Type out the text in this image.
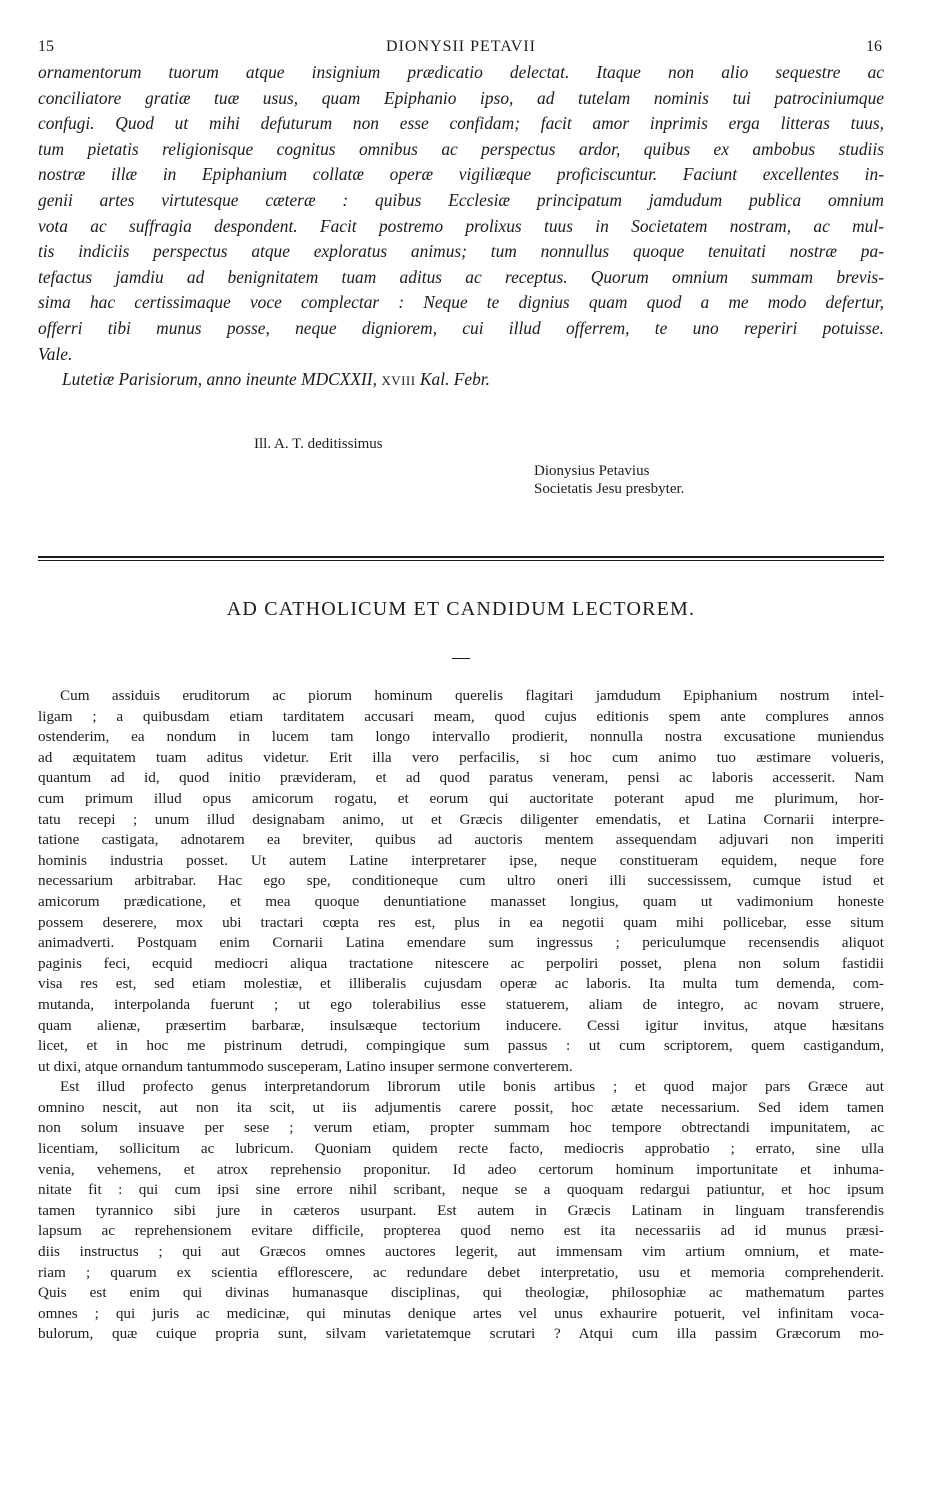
15	DIONYSII PETAVII	16
ornamentorum tuorum atque insignium prædicatio delectat. Itaque non alio sequestre ac
conciliatore gratiæ tuæ usus, quam Epiphanio ipso, ad tutelam nominis tui patrociniumque
confugi. Quod ut mihi defuturum non esse confidam; facit amor inprimis erga litteras tuus,
tum pietatis religionisque cognitus omnibus ac perspectus ardor, quibus ex ambobus studiis
nostræ illæ in Epiphanium collatæ operæ vigiliæque proficiscuntur. Faciunt excellentes in-
genii artes virtutesque cæteræ : quibus Ecclesiæ principatum jamdudum publica omnium
vota ac suffragia despondent. Facit postremo prolixus tuus in Societatem nostram, ac mul-
tis indiciis perspectus atque exploratus animus; tum nonnullus quoque tenuitati nostræ pa-
tefactus jamdiu ad benignitatem tuam aditus ac receptus. Quorum omnium summam brevis-
sima hac certissimaque voce complectar : Neque te dignius quam quod a me modo defertur,
offerri tibi munus posse, neque digniorem, cui illud offerrem, te uno reperiri potuisse.
Vale.
Lutetiæ Parisiorum, anno ineunte MDCXXII, XVIII Kal. Febr.
Ill. A. T. deditissimus
Dionysius Petavius
Societatis Jesu presbyter.
AD CATHOLICUM ET CANDIDUM LECTOREM.
Cum assiduis eruditorum ac piorum hominum querelis flagitari jamdudum Epiphanium nostrum intel-
ligam ; a quibusdam etiam tarditatem accusari meam, quod cujus editionis spem ante complures annos
ostenderim, ea nondum in lucem tam longo intervallo prodierit, nonnulla nostra excusatione muniendus
ad æquitatem tuam aditus videtur. Erit illa vero perfacilis, si hoc cum animo tuo æstimare volueris,
quantum ad id, quod initio prævideram, et ad quod paratus veneram, pensi ac laboris accesserit. Nam
cum primum illud opus amicorum rogatu, et eorum qui auctoritate poterant apud me plurimum, hor-
tatu recepi ; unum illud designabam animo, ut et Græcis diligenter emendatis, et Latina Cornarii interpre-
tatione castigata, adnotarem ea breviter, quibus ad auctoris mentem assequendam adjuvari non imperiti
hominis industria posset. Ut autem Latine interpretarer ipse, neque constitueram equidem, neque fore
necessarium arbitrabar. Hac ego spe, conditioneque cum ultro oneri illi successissem, cumque istud et
amicorum prædicatione, et mea quoque denuntiatione manasset longius, quam ut vadimonium honeste
possem deserere, mox ubi tractari cœpta res est, plus in ea negotii quam mihi pollicebar, esse situm
animadverti. Postquam enim Cornarii Latina emendare sum ingressus ; periculumque recensendis aliquot
paginis feci, ecquid mediocri aliqua tractatione nitescere ac perpoliri posset, plena non solum fastidii
visa res est, sed etiam molestiæ, et illiberalis cujusdam operæ ac laboris. Ita multa tum demenda, com-
mutanda, interpolanda fuerunt ; ut ego tolerabilius esse statuerem, aliam de integro, ac novam struere,
quam alienæ, præsertim barbaræ, insulsæque tectorium inducere. Cessi igitur invitus, atque hæsitans
licet, et in hoc me pistrinum detrudi, compingique sum passus : ut cum scriptorem, quem castigandum,
ut dixi, atque ornandum tantummodo susceperam, Latino insuper sermone converterem.
Est illud profecto genus interpretandorum librorum utile bonis artibus ; et quod major pars Græce aut
omnino nescit, aut non ita scit, ut iis adjumentis carere possit, hoc ætate necessarium. Sed idem tamen
non solum insuave per sese ; verum etiam, propter summam hoc tempore obtrectandi impunitatem, ac
licentiam, sollicitum ac lubricum. Quoniam quidem recte facto, mediocris approbatio ; errato, sine ulla
venia, vehemens, et atrox reprehensio proponitur. Id adeo certorum hominum importunitate et inhuma-
nitate fit : qui cum ipsi sine errore nihil scribant, neque se a quoquam redargui patiuntur, et hoc ipsum
tamen tyrannico sibi jure in cæteros usurpant. Est autem in Græcis Latinam in linguam transferendis
lapsum ac reprehensionem evitare difficile, propterea quod nemo est ita necessariis ad id munus præsi-
diis instructus ; qui aut Græcos omnes auctores legerit, aut immensam vim artium omnium, et mate-
riam ; quarum ex scientia efflorescere, ac redundare debet interpretatio, usu et memoria comprehenderit.
Quis est enim qui divinas humanasque disciplinas, qui theologiæ, philosophiæ ac mathematum partes
omnes ; qui juris ac medicinæ, qui minutas denique artes vel unus exhaurire potuerit, vel infinitam voca-
bulorum, quæ cuique propria sunt, silvam varietatemque scrutari ? Atqui cum illa passim Græcorum mo-
